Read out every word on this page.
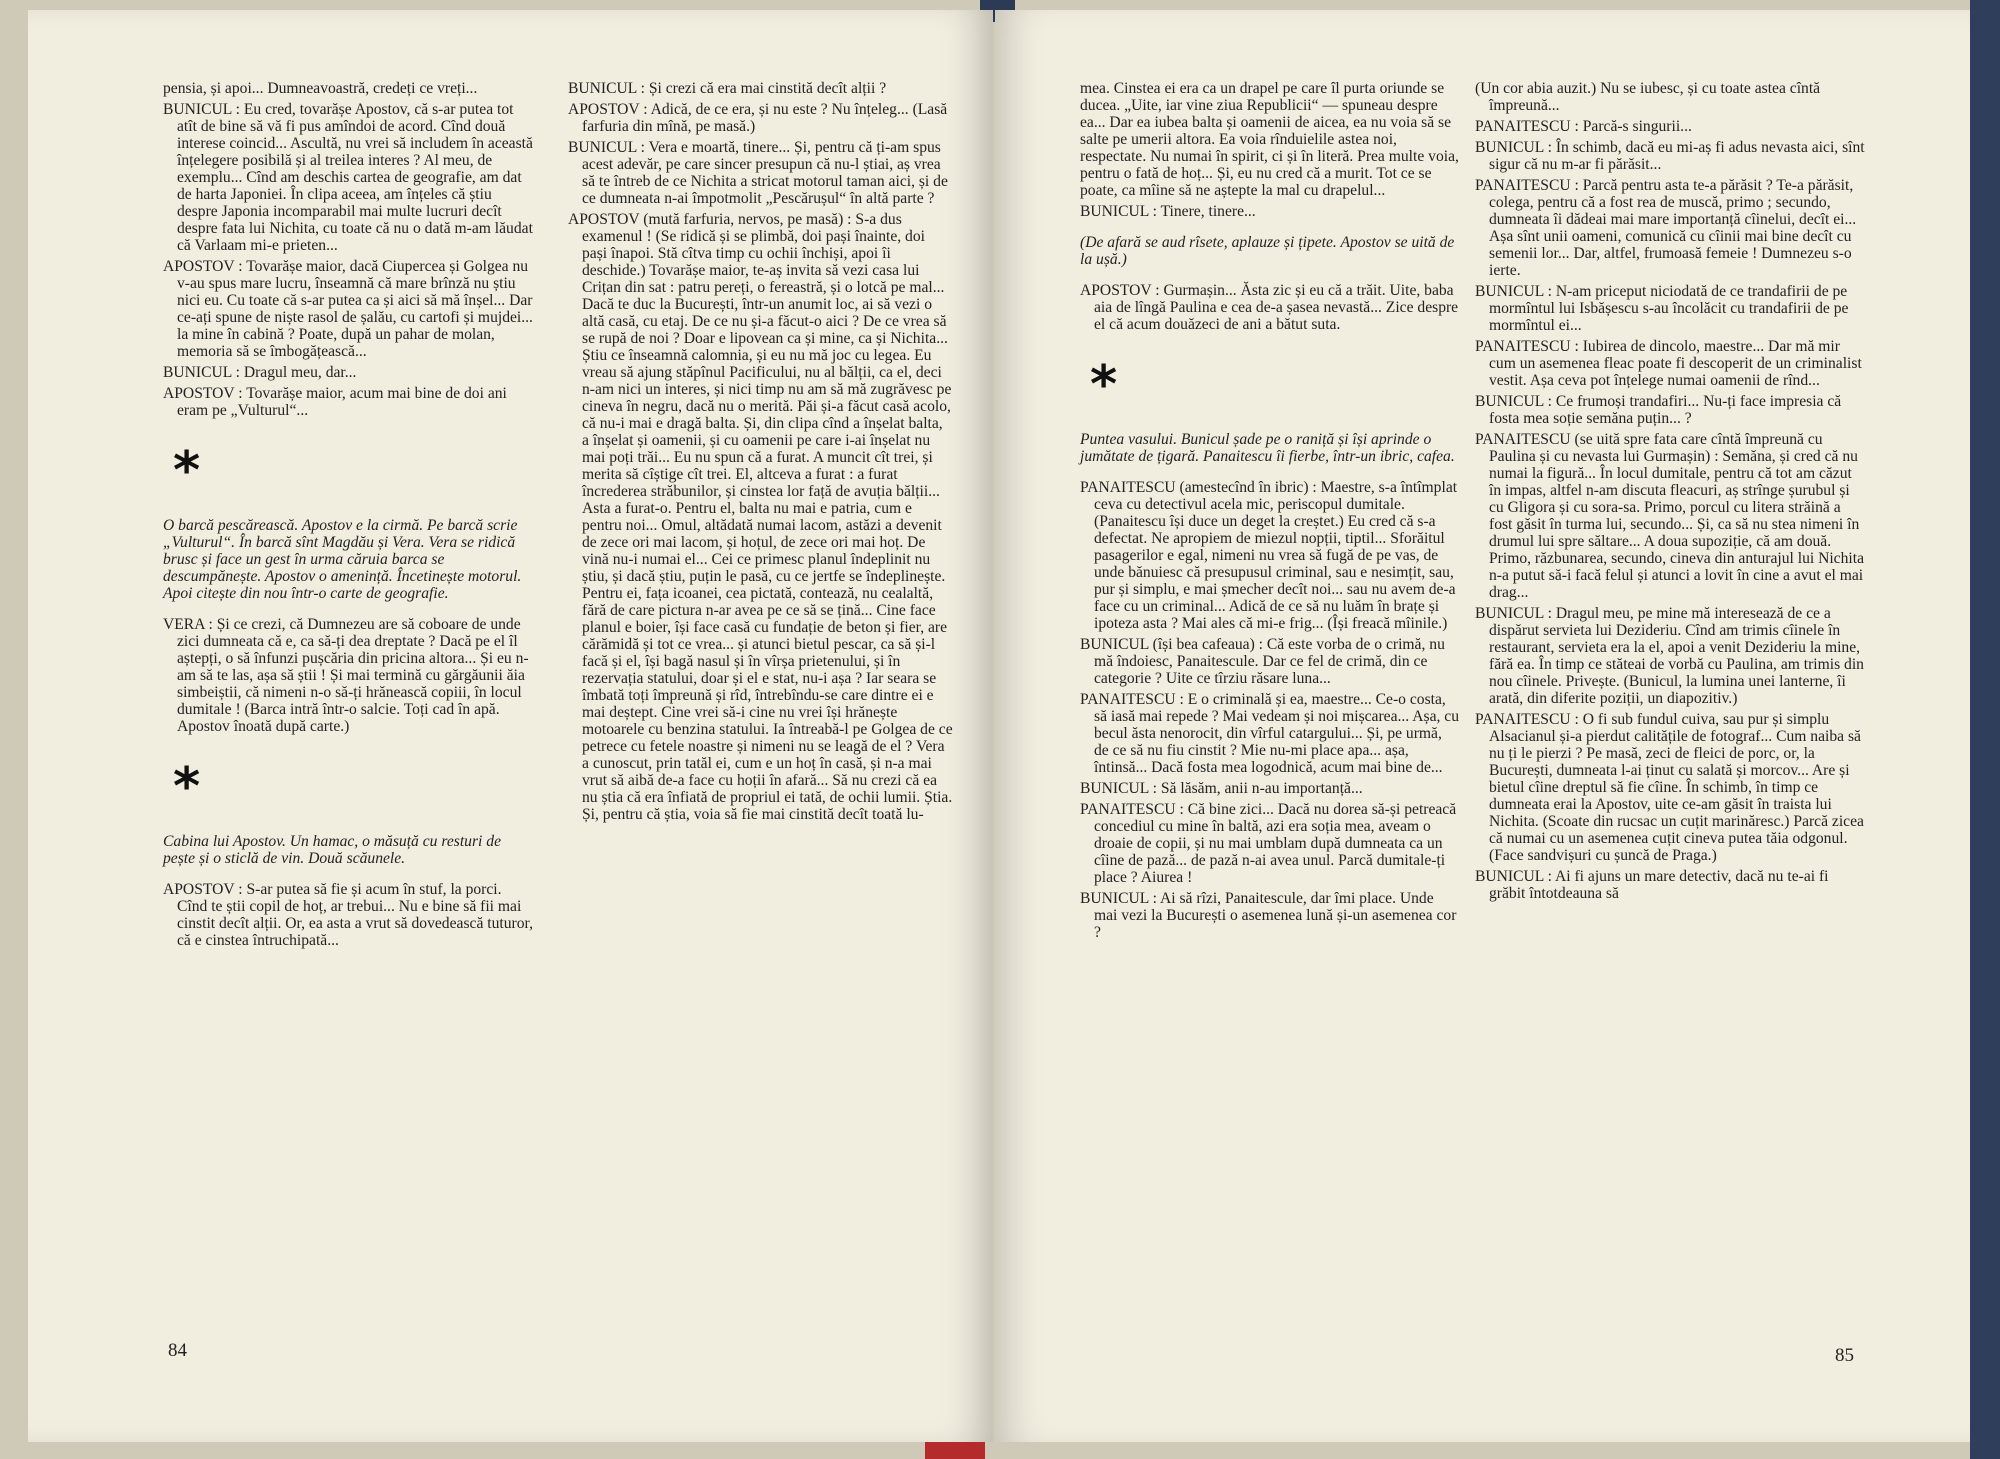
pensia, și apoi... Dumneavoastră, credeți ce vreți...

BUNICUL : Eu cred, tovarășe Apostov, că s-ar putea tot atît de bine să vă fi pus amîndoi de acord. Cînd două interese coincid... Ascultă, nu vrei să includem în această înțelegere posibilă și al treilea interes ? Al meu, de exemplu... Cînd am deschis cartea de geografie, am dat de harta Japoniei. În clipa aceea, am înțeles că știu despre Japonia incomparabil mai multe lucruri decît despre fata lui Nichita, cu toate că nu o dată m-am lăudat că Varlaam mi-e prieten...

APOSTOV : Tovarășe maior, dacă Ciupercea și Golgea nu v-au spus mare lucru, înseamnă că mare brînză nu știu nici eu. Cu toate că s-ar putea ca și aici să mă înșel... Dar ce-ați spune de niște rasol de șalău, cu cartofi și mujdei... la mine în cabină ? Poate, după un pahar de molan, memoria să se îmbogățească...

BUNICUL : Dragul meu, dar...

APOSTOV : Tovarășe maior, acum mai bine de doi ani eram pe „Vulturul“...

*

O barcă pescărească. Apostov e la cirmă. Pe barcă scrie „Vulturul“. În barcă sînt Magdău și Vera. Vera se ridică brusc și face un gest în urma căruia barca se descumpănește. Apostov o amenință. Încetinește motorul. Apoi citește din nou într-o carte de geografie.

VERA : Și ce crezi, că Dumnezeu are să coboare de unde zici dumneata că e, ca să-ți dea dreptate ? Dacă pe el îl aștepți, o să înfunzi pușcăria din pricina altora... Și eu n-am să te las, așa să știi ! Și mai termină cu gărgăunii ăia simbeiștii, că nimeni n-o să-ți hrănească copiii, în locul dumitale ! (Barca intră într-o salcie. Toți cad în apă. Apostov înoată după carte.)

*

Cabina lui Apostov. Un hamac, o măsuță cu resturi de pește și o sticlă de vin. Două scăunele.

APOSTOV : S-ar putea să fie și acum în stuf, la porci. Cînd te știi copil de hoț, ar trebui... Nu e bine să fii mai cinstit decît alții. Or, ea asta a vrut să dovedească tuturor, că e cinstea întruchipată...

BUNICUL : Și crezi că era mai cinstită decît alții ?

APOSTOV : Adică, de ce era, și nu este ? Nu înțeleg... (Lasă farfuria din mînă, pe masă.)

BUNICUL : Vera e moartă, tinere... Și, pentru că ți-am spus acest adevăr, pe care sincer presupun că nu-l știai, aș vrea să te întreb de ce Nichita a stricat motorul taman aici, și de ce dumneata n-ai împotmolit „Pescărușul“ în altă parte ?

APOSTOV (mută farfuria, nervos, pe masă) : S-a dus examenul ! (Se ridică și se plimbă, doi pași înainte, doi pași înapoi. Stă cîtva timp cu ochii închiși, apoi îi deschide.) Tovarășe maior, te-aș invita să vezi casa lui Crițan din sat : patru pereți, o fereastră, și o lotcă pe mal... Dacă te duc la București, într-un anumit loc, ai să vezi o altă casă, cu etaj. De ce nu și-a făcut-o aici ? De ce vrea să se rupă de noi ? Doar e lipovean ca și mine, ca și Nichita... Știu ce înseamnă calomnia, și eu nu mă joc cu legea. Eu vreau să ajung stăpînul Pacificului, nu al bălții, ca el, deci n-am nici un interes, și nici timp nu am să mă zugrăvesc pe cineva în negru, dacă nu o merită. Păi și-a făcut casă acolo, că nu-i mai e dragă balta. Și, din clipa cînd a înșelat balta, a înșelat și oamenii, și cu oamenii pe care i-ai înșelat nu mai poți trăi... Eu nu spun că a furat. A muncit cît trei, și merita să cîștige cît trei. El, altceva a furat : a furat încrederea străbunilor, și cinstea lor față de avuția bălții... Asta a furat-o. Pentru el, balta nu mai e patria, cum e pentru noi... Omul, altădată numai lacom, astăzi a devenit de zece ori mai lacom, și hoțul, de zece ori mai hoț. De vină nu-i numai el... Cei ce primesc planul îndeplinit nu știu, și dacă știu, puțin le pasă, cu ce jertfe se îndeplinește. Pentru ei, fața icoanei, cea pictată, contează, nu cealaltă, fără de care pictura n-ar avea pe ce să se țină... Cine face planul e boier, își face casă cu fundație de beton și fier, are cărămidă și tot ce vrea... și atunci bietul pescar, ca să și-l facă și el, își bagă nasul și în vîrșa prietenului, și în rezervația statului, doar și el e stat, nu-i așa ? Iar seara se îmbată toți împreună și rîd, întrebîndu-se care dintre ei e mai deștept. Cine vrei să-i cine nu vrei își hrănește motoarele cu benzina statului. Ia întreabă-l pe Golgea de ce petrece cu fetele noastre și nimeni nu se leagă de el ? Vera a cunoscut, prin tatăl ei, cum e un hoț în casă, și n-a mai vrut să aibă de-a face cu hoții în afară... Să nu crezi că ea nu știa că era înfiată de propriul ei tată, de ochii lumii. Știa. Și, pentru că știa, voia să fie mai cinstită decît toată lu-

84

mea. Cinstea ei era ca un drapel pe care îl purta oriunde se ducea. „Uite, iar vine ziua Republicii“ — spuneau despre ea... Dar ea iubea balta și oamenii de aicea, ea nu voia să se salte pe umerii altora. Ea voia rînduielile astea noi, respectate. Nu numai în spirit, ci și în literă. Prea multe voia, pentru o fată de hoț... Și, eu nu cred că a murit. Tot ce se poate, ca mîine să ne așteptе la mal cu drapelul...

BUNICUL : Tinere, tinere...

(De afară se aud rîsete, aplauze și țipete. Apostov se uită de la ușă.)

APOSTOV : Gurmașin... Ăsta zic și eu că a trăit. Uite, baba aia de lîngă Paulina e cea de-a șasea nevastă... Zice despre el că acum douăzeci de ani a bătut suta.

*

Puntea vasului. Bunicul șade pe o raniță și își aprinde o jumătate de țigară. Panaitescu îi fierbe, într-un ibric, cafea.

PANAITESCU (amestecînd în ibric) : Maestre, s-a întîmplat ceva cu detectivul acela mic, periscopul dumitale. (Panaitescu își duce un deget la creștet.) Eu cred că s-a defectat. Ne apropiem de miezul nopții, tiptil... Sforăitul pasagerilor e egal, nimeni nu vrea să fugă de pe vas, de unde bănuiesc că presupusul criminal, sau e nesimțit, sau, pur și simplu, e mai șmecher decît noi... sau nu avem de-a face cu un criminal... Adică de ce să nu luăm în brațe și ipoteza asta ? Mai ales că mi-e frig... (Își freacă mîinile.)

BUNICUL (își bea cafeaua) : Că este vorba de o crimă, nu mă îndoiesc, Panaitescule. Dar ce fel de crimă, din ce categorie ? Uite ce tîrziu răsare luna...

PANAITESCU : E o criminală și ea, maestre... Ce-o costa, să iasă mai repede ? Mai vedeam și noi mișcarea... Așa, cu becul ăsta nenorocit, din vîrful catargului... Și, pe urmă, de ce să nu fiu cinstit ? Mie nu-mi place apa... așa, întinsă... Dacă fostа mea logodnică, acum mai bine de...

BUNICUL : Să lăsăm, anii n-au importanță...

PANAITESCU : Că bine zici... Dacă nu dorea să-și petreacă concediul cu mine în baltă, azi era soția mea, aveam o droaie de copii, și nu mai umblam după dumneata ca un cîine de pază... de pază n-ai avea unul. Parcă dumitale-ți place ? Aiurea !

BUNICUL : Ai să rîzi, Panaitescule, dar îmi place. Unde mai vezi la București o asemenea lună și-un asemenea cor ?

(Un cor abia auzit.) Nu se iubesc, și cu toate astea cîntă împreună...

PANAITESCU : Parcă-s singurii...

BUNICUL : În schimb, dacă eu mi-aș fi adus nevasta aici, sînt sigur că nu m-ar fi părăsit...

PANAITESCU : Parcă pentru asta te-a părăsit ? Te-a părăsit, colega, pentru că a fost rea de muscă, primo ; secundo, dumneata îi dădeai mai mare importanță cîinelui, decît ei... Așa sînt unii oameni, comunică cu cîinii mai bine decît cu semenii lor... Dar, altfel, frumoasă femeie ! Dumnezeu s-o ierte.

BUNICUL : N-am priceput niciodată de ce trandafirii de pe mormîntul lui Isbășescu s-au încolăcit cu trandafirii de pe mormîntul ei...

PANAITESCU : Iubirea de dincolo, maestre... Dar mă mir cum un asemenea fleac poate fi descoperit de un criminalist vestit. Așa ceva pot înțelege numai oamenii de rînd...

BUNICUL : Ce frumoși trandafiri... Nu-ți face impresia că fosta mea soție semăna puțin... ?

PANAITESCU (se uită spre fata care cîntă împreună cu Paulina și cu nevasta lui Gurmașin) : Semăna, și cred că nu numai la figură... În locul dumitale, pentru că tot am căzut în impas, altfel n-am discuta fleacuri, aș strînge șurubul și cu Gligora și cu sora-sa. Primo, porcul cu litera străină a fost găsit în turma lui, secundo... Și, ca să nu stea nimeni în drumul lui spre săltare... A doua supoziție, că am două. Primo, răzbunarea, secundo, cineva din anturajul lui Nichita n-a putut să-i facă felul și atunci a lovit în cine a avut el mai drag...

BUNICUL : Dragul meu, pe mine mă interesează de ce a dispărut servieta lui Dezideriu. Cînd am trimis cîinele în restaurant, servieta era la el, apoi a venit Dezideriu la mine, fără ea. În timp ce stăteai de vorbă cu Paulina, am trimis din nou cîinele. Privește. (Bunicul, la lumina unei lanterne, îi arată, din diferite poziții, un diapozitiv.)

PANAITESCU : O fi sub fundul cuiva, sau pur și simplu Alsacianul și-a pierdut calitățile de fotograf... Cum naiba să nu ți le pierzi ? Pe masă, zeci de fleici de porc, or, la București, dumneata l-ai ținut cu salată și morcov... Are și bietul cîine dreptul să fie cîine. În schimb, în timp ce dumneata erai la Apostov, uite ce-am găsit în traista lui Nichita. (Scoate din rucsac un cuțit marinăresc.) Parcă zicea că numai cu un asemenea cuțit cineva putea tăia odgonul. (Face sandvișuri cu șuncă de Praga.)

BUNICUL : Ai fi ajuns un mare detectiv, dacă nu te-ai fi grăbit întotdeauna să

85
